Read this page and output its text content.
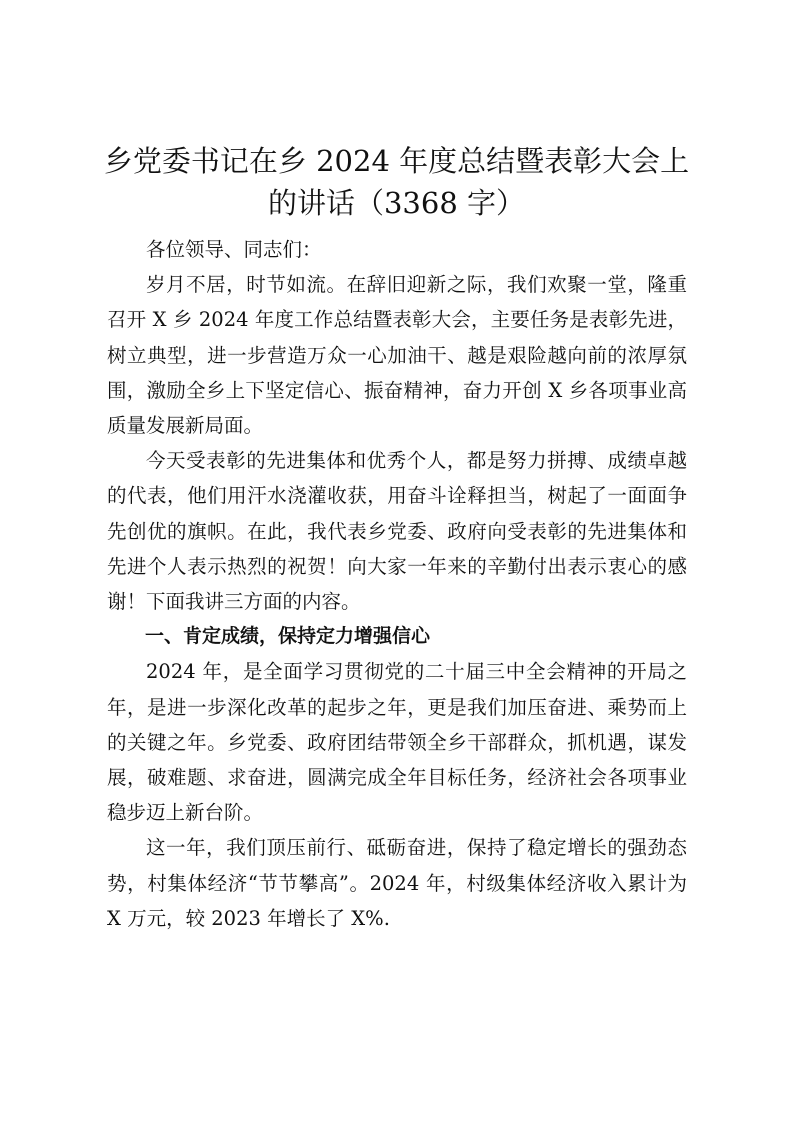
乡党委书记在乡 2024 年度总结暨表彰大会上
的讲话（3368 字）

各位领导、同志们：

岁月不居，时节如流。在辞旧迎新之际，我们欢聚一堂，隆重召开 X 乡 2024 年度工作总结暨表彰大会，主要任务是表彰先进，树立典型，进一步营造万众一心加油干、越是艰险越向前的浓厚氛围，激励全乡上下坚定信心、振奋精神，奋力开创 X 乡各项事业高质量发展新局面。

今天受表彰的先进集体和优秀个人，都是努力拼搏、成绩卓越的代表，他们用汗水浇灌收获，用奋斗诠释担当，树起了一面面争先创优的旗帜。在此，我代表乡党委、政府向受表彰的先进集体和先进个人表示热烈的祝贺！向大家一年来的辛勤付出表示衷心的感谢！下面我讲三方面的内容。

一、肯定成绩，保持定力增强信心

2024 年，是全面学习贯彻党的二十届三中全会精神的开局之年，是进一步深化改革的起步之年，更是我们加压奋进、乘势而上的关键之年。乡党委、政府团结带领全乡干部群众，抓机遇，谋发展，破难题、求奋进，圆满完成全年目标任务，经济社会各项事业稳步迈上新台阶。

这一年，我们顶压前行、砥砺奋进，保持了稳定增长的强劲态势，村集体经济“节节攀高”。2024 年，村级集体经济收入累计为 X 万元，较 2023 年增长了 X%.
